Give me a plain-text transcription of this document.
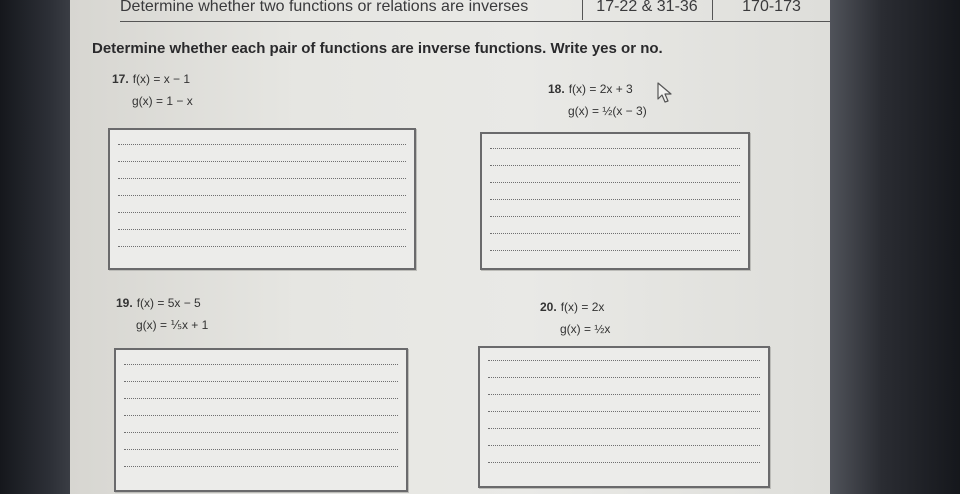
Determine whether two functions or relations are inverses	17-22 & 31-36	170-173
Determine whether each pair of functions are inverse functions. Write yes or no.
17. f(x) = x − 1
g(x) = 1 − x
18. f(x) = 2x + 3
g(x) = ½(x − 3)
19. f(x) = 5x − 5
g(x) = ⅕x + 1
20. f(x) = 2x
g(x) = ½x
